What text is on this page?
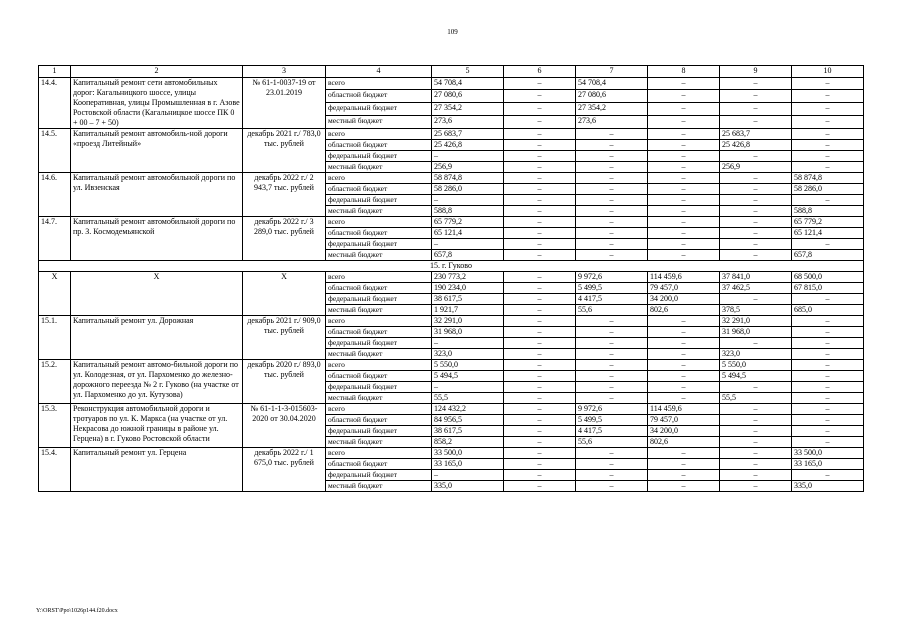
109
1	2	3	4	5	6	7	8	9	10
14.4.	Капитальный ремонт сети автомобильных дорог: Кагальницкого шоссе, улицы Кооперативная, улицы Промышленная в г. Азове Ростовской области (Кагальницкое шоссе ПК 0 + 00 – 7 + 50)	№ 61-1-0037-19 от 23.01.2019	всего	54 708,4	–	54 708,4	–	–	–
			областной бюджет	27 080,6	–	27 080,6	–	–	–
			федеральный бюджет	27 354,2	–	27 354,2	–	–	–
			местный бюджет	273,6	–	273,6	–	–	–
14.5.	Капитальный ремонт автомобиль-ной дороги «проезд Литейный»	декабрь 2021 г./ 783,0 тыс. рублей	всего	25 683,7	–	–	–	25 683,7	–
			областной бюджет	25 426,8	–	–	–	25 426,8	–
			федеральный бюджет	–	–	–	–	–	–
			местный бюджет	256,9	–	–	–	256,9	–
14.6.	Капитальный ремонт автомобильной дороги по ул. Ивзенская	декабрь 2022 г./ 2 943,7 тыс. рублей	всего	58 874,8	–	–	–	–	58 874,8
			областной бюджет	58 286,0	–	–	–	–	58 286,0
			федеральный бюджет	–	–	–	–	–	–
			местный бюджет	588,8	–	–	–	–	588,8
14.7.	Капитальный ремонт автомобильной дороги по пр. З. Космодемьянской	декабрь 2022 г./ 3 289,0 тыс. рублей	всего	65 779,2	–	–	–	–	65 779,2
			областной бюджет	65 121,4	–	–	–	–	65 121,4
			федеральный бюджет	–	–	–	–	–	–
			местный бюджет	657,8	–	–	–	–	657,8
15. г. Гуково									
Х	Х	Х	всего	230 773,2	–	9 972,6	114 459,6	37 841,0	68 500,0
			областной бюджет	190 234,0	–	5 499,5	79 457,0	37 462,5	67 815,0
			федеральный бюджет	38 617,5	–	4 417,5	34 200,0	–	–
			местный бюджет	1 921,7	–	55,6	802,6	378,5	685,0
15.1.	Капитальный ремонт ул. Дорожная	декабрь 2021 г./ 909,0 тыс. рублей	всего	32 291,0	–	–	–	32 291,0	–
			областной бюджет	31 968,0	–	–	–	31 968,0	–
			федеральный бюджет	–	–	–	–	–	–
			местный бюджет	323,0	–	–	–	323,0	–
15.2.	Капитальный ремонт автомо-бильной дороги по ул. Колодезная, от ул. Пархоменко до железно-дорожного переезда № 2 г. Гуково (на участке от ул. Пархоменко до ул. Кутузова)	декабрь 2020 г./ 893,0 тыс. рублей	всего	5 550,0	–	–	–	5 550,0	–
			областной бюджет	5 494,5	–	–	–	5 494,5	–
			федеральный бюджет	–	–	–	–	–	–
			местный бюджет	55,5	–	–	–	55,5	–
15.3.	Реконструкция автомобильной дороги и тротуаров по ул. К. Маркса (на участке от ул. Некрасова до южной границы в районе ул. Герцена) в г. Гуково Ростовской области	№ 61-1-1-3-015603-2020 от 30.04.2020	всего	124 432,2	–	9 972,6	114 459,6	–	–
			областной бюджет	84 956,5	–	5 499,5	79 457,0	–	–
			федеральный бюджет	38 617,5	–	4 417,5	34 200,0	–	–
			местный бюджет	858,2	–	55,6	802,6	–	–
15.4.	Капитальный ремонт ул. Герцена	декабрь 2022 г./ 1 675,0 тыс. рублей	всего	33 500,0	–	–	–	–	33 500,0
			областной бюджет	33 165,0	–	–	–	–	33 165,0
			федеральный бюджет	–	–	–	–	–	–
			местный бюджет	335,0	–	–	–	–	335,0
Y:\ORST\Ppo\1026p144.f20.docx
